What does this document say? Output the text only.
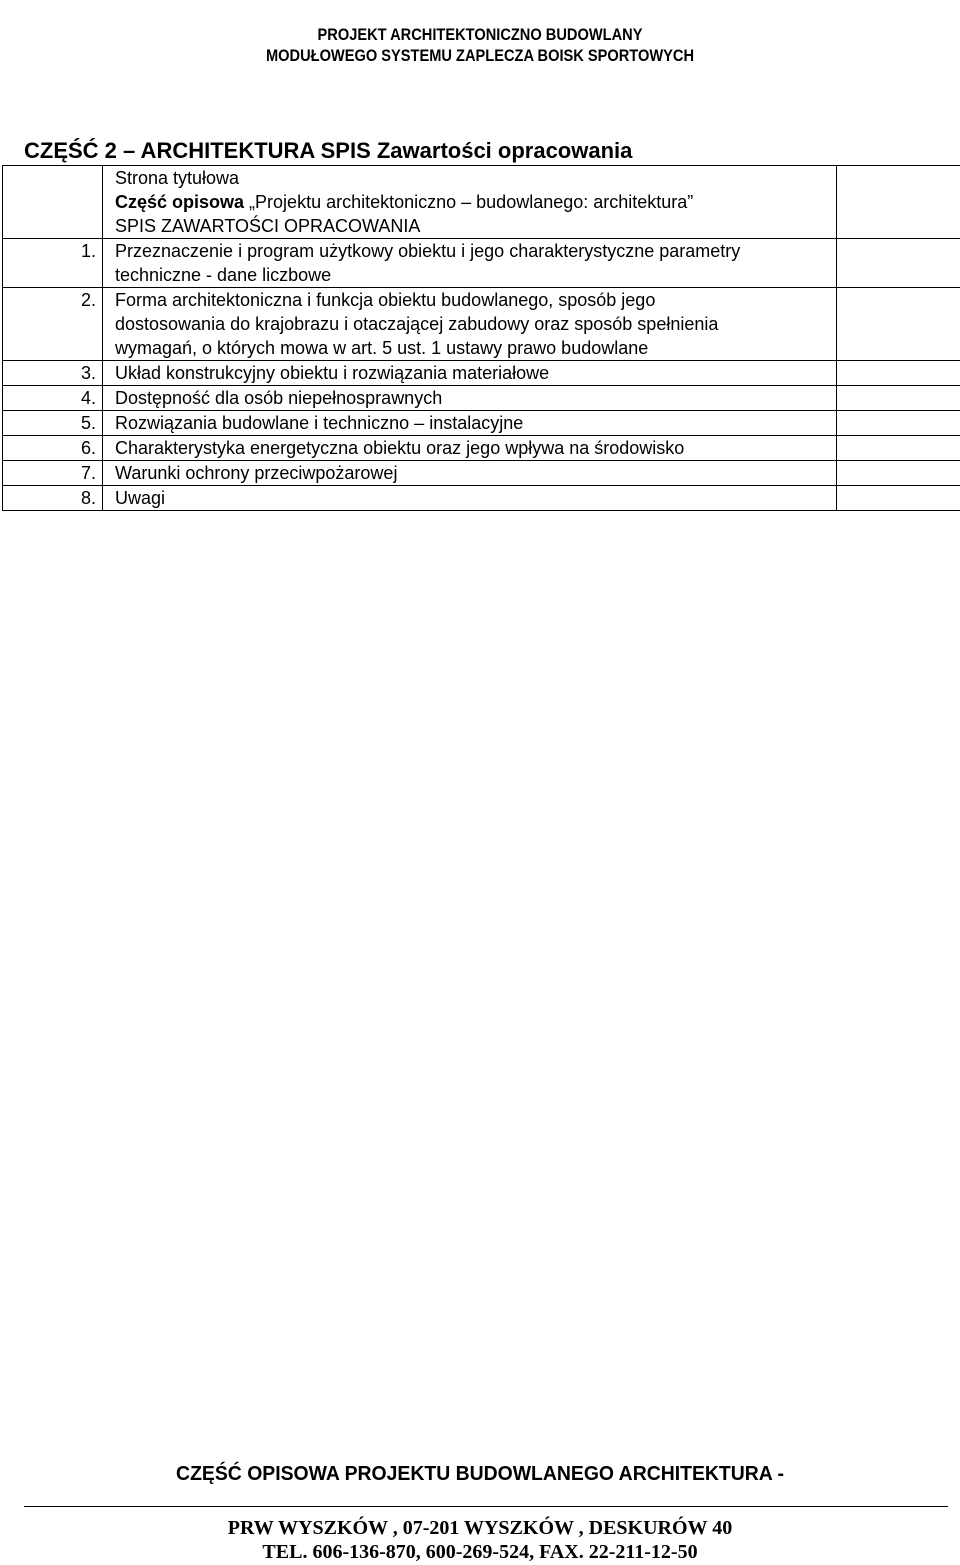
PROJEKT ARCHITEKTONICZNO BUDOWLANY
MODUŁOWEGO SYSTEMU ZAPLECZA BOISK SPORTOWYCH
CZĘŚĆ 2 – ARCHITEKTURA SPIS Zawartości opracowania

	Strona tytułowa
Część opisowa „Projektu architektoniczno – budowlanego: architektura”
SPIS ZAWARTOŚCI OPRACOWANIA	

1.	Przeznaczenie i program użytkowy obiektu i jego charakterystyczne parametry
techniczne - dane liczbowe	

2.	Forma architektoniczna i funkcja obiektu budowlanego, sposób jego
dostosowania do krajobrazu i otaczającej zabudowy oraz sposób spełnienia
wymagań, o których mowa w art. 5 ust. 1 ustawy prawo budowlane	

3.	Układ konstrukcyjny obiektu i rozwiązania materiałowe	

4.	Dostępność dla osób niepełnosprawnych	

5.	Rozwiązania budowlane i techniczno – instalacyjne	

6.	Charakterystyka energetyczna obiektu oraz jego wpływa na środowisko	

7.	Warunki ochrony przeciwpożarowej	

8.	Uwagi	

CZĘŚĆ OPISOWA PROJEKTU BUDOWLANEGO ARCHITEKTURA -
PRW WYSZKÓW , 07-201 WYSZKÓW , DESKURÓW 40
TEL. 606-136-870, 600-269-524, FAX. 22-211-12-50
